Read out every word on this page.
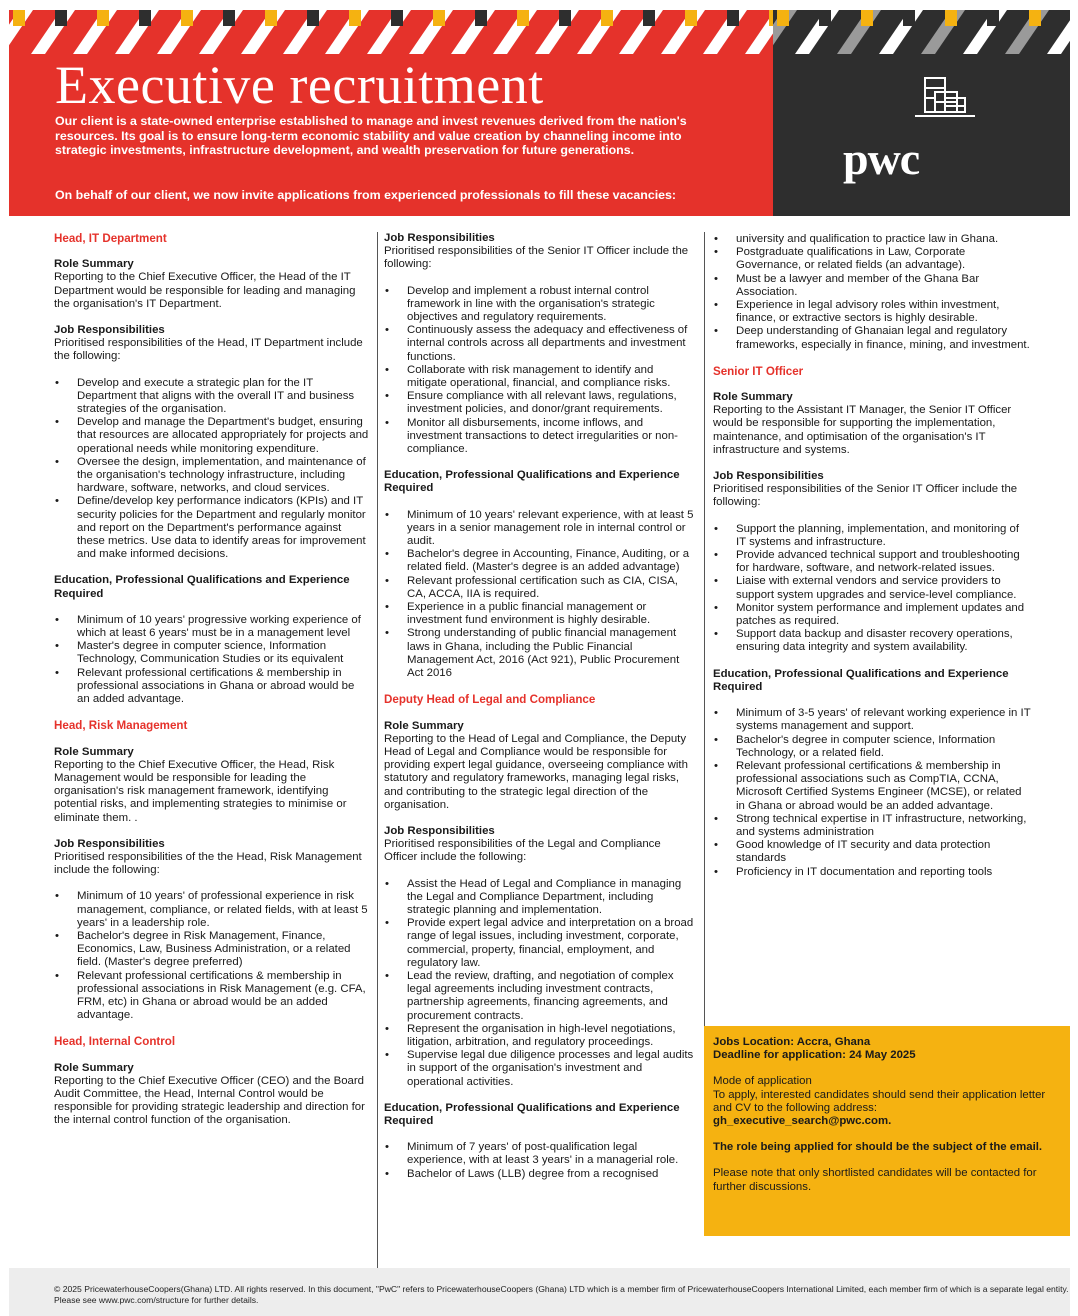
Executive recruitment
Our client is a state-owned enterprise established to manage and invest revenues derived from the nation's resources. Its goal is to ensure long-term economic stability and value creation by channeling income into strategic investments, infrastructure development, and wealth preservation for future generations.
On behalf of our client, we now invite applications from experienced professionals to fill these vacancies:
pwc
Head, IT Department
Role Summary

Reporting to the Chief Executive Officer, the Head of the IT Department would be responsible for leading and managing the organisation's IT Department.

Job Responsibilities

Prioritised responsibilities of the Head, IT Department include the following:

• Develop and execute a strategic plan for the IT Department that aligns with the overall IT and business strategies of the organisation.
• Develop and manage the Department's budget, ensuring that resources are allocated appropriately for projects and operational needs while monitoring expenditure.
• Oversee the design, implementation, and maintenance of the organisation's technology infrastructure, including hardware, software, networks, and cloud services.
• Define/develop key performance indicators (KPIs) and IT security policies for the Department and regularly monitor and report on the Department's performance against these metrics. Use data to identify areas for improvement and make informed decisions.
Education, Professional Qualifications and Experience Required
• Minimum of 10 years' progressive working experience of which at least 6 years' must be in a management level
• Master's degree in computer science, Information Technology, Communication Studies or its equivalent
• Relevant professional certifications & membership in professional associations in Ghana or abroad would be an added advantage.
Head, Risk Management
Role Summary

Reporting to the Chief Executive Officer, the Head, Risk Management would be responsible for leading the organisation's risk management framework, identifying potential risks, and implementing strategies to minimise or eliminate them. .

Job Responsibilities

Prioritised responsibilities of the the Head, Risk Management include the following:

• Minimum of 10 years' of professional experience in risk management, compliance, or related fields, with at least 5 years' in a leadership role.
• Bachelor's degree in Risk Management, Finance, Economics, Law, Business Administration, or a related field. (Master's degree preferred)
• Relevant professional certifications & membership in professional associations in Risk Management (e.g. CFA, FRM, etc) in Ghana or abroad would be an added advantage.
Head, Internal Control
Role Summary

Reporting to the Chief Executive Officer (CEO) and the Board Audit Committee, the Head, Internal Control would be responsible for providing strategic leadership and direction for the internal control function of the organisation.

Job Responsibilities

Prioritised responsibilities of the Senior IT Officer include the following:

• Develop and implement a robust internal control framework in line with the organisation's strategic objectives and regulatory requirements.
• Continuously assess the adequacy and effectiveness of internal controls across all departments and investment functions.
• Collaborate with risk management to identify and mitigate operational, financial, and compliance risks.
• Ensure compliance with all relevant laws, regulations, investment policies, and donor/grant requirements.
• Monitor all disbursements, income inflows, and investment transactions to detect irregularities or non-compliance.
Education, Professional Qualifications and Experience Required
• Minimum of 10 years' relevant experience, with at least 5 years in a senior management role in internal control or audit.
• Bachelor's degree in Accounting, Finance, Auditing, or a related field. (Master's degree is an added advantage)
• Relevant professional certification such as CIA, CISA, CA, ACCA, IIA is required.
• Experience in a public financial management or investment fund environment is highly desirable.
• Strong understanding of public financial management laws in Ghana, including the Public Financial Management Act, 2016 (Act 921), Public Procurement Act 2016
Deputy Head of Legal and Compliance
Role Summary

Reporting to the Head of Legal and Compliance, the Deputy Head of Legal and Compliance would be responsible for providing expert legal guidance, overseeing compliance with statutory and regulatory frameworks, managing legal risks, and contributing to the strategic legal direction of the organisation.

Job Responsibilities

Prioritised responsibilities of the Legal and Compliance Officer include the following:

• Assist the Head of Legal and Compliance in managing the Legal and Compliance Department, including strategic planning and implementation.
• Provide expert legal advice and interpretation on a broad range of legal issues, including investment, corporate, commercial, property, financial, employment, and regulatory law.
• Lead the review, drafting, and negotiation of complex legal agreements including investment contracts, partnership agreements, financing agreements, and procurement contracts.
• Represent the organisation in high-level negotiations, litigation, arbitration, and regulatory proceedings.
• Supervise legal due diligence processes and legal audits in support of the organisation's investment and operational activities.
Education, Professional Qualifications and Experience Required
• Minimum of 7 years' of post-qualification legal experience, with at least 3 years' in a managerial role.
• Bachelor of Laws (LLB) degree from a recognised
• university and qualification to practice law in Ghana.
• Postgraduate qualifications in Law, Corporate Governance, or related fields (an advantage).
• Must be a lawyer and member of the Ghana Bar Association.
• Experience in legal advisory roles within investment, finance, or extractive sectors is highly desirable.
• Deep understanding of Ghanaian legal and regulatory frameworks, especially in finance, mining, and investment.
Senior IT Officer
Role Summary

Reporting to the Assistant IT Manager, the Senior IT Officer would be responsible for supporting the implementation, maintenance, and optimisation of the organisation's IT infrastructure and systems.

Job Responsibilities

Prioritised responsibilities of the Senior IT Officer include the following:

• Support the planning, implementation, and monitoring of IT systems and infrastructure.
• Provide advanced technical support and troubleshooting for hardware, software, and network-related issues.
• Liaise with external vendors and service providers to support system upgrades and service-level compliance.
• Monitor system performance and implement updates and patches as required.
• Support data backup and disaster recovery operations, ensuring data integrity and system availability.
Education, Professional Qualifications and Experience Required
• Minimum of 3-5 years' of relevant working experience in IT systems management and support.
• Bachelor's degree in computer science, Information Technology, or a related field.
• Relevant professional certifications & membership in professional associations such as CompTIA, CCNA, Microsoft Certified Systems Engineer (MCSE), or related in Ghana or abroad would be an added advantage.
• Strong technical expertise in IT infrastructure, networking, and systems administration
• Good knowledge of IT security and data protection standards
• Proficiency in IT documentation and reporting tools
Jobs Location: Accra, Ghana
Deadline for application: 24 May 2025
Mode of application
To apply, interested candidates should send their application letter and CV to the following address:
gh_executive_search@pwc.com.
The role being applied for should be the subject of the email.
Please note that only shortlisted candidates will be contacted for further discussions.
© 2025 PricewaterhouseCoopers(Ghana) LTD. All rights reserved. In this document, "PwC" refers to PricewaterhouseCoopers (Ghana) LTD which is a member firm of PricewaterhouseCoopers International Limited, each member firm of which is a separate legal entity. Please see www.pwc.com/structure for further details.
